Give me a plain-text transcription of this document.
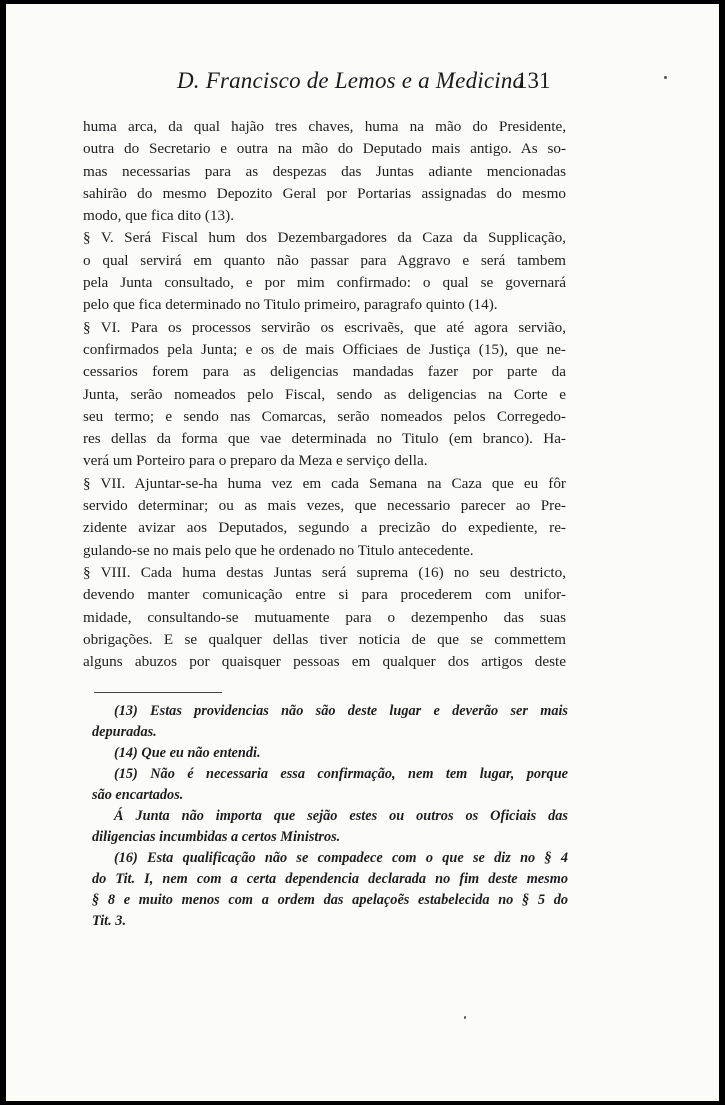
D. Francisco de Lemos e a Medicina
131
huma arca, da qual hajão tres chaves, huma na mão do Presidente,
outra do Secretario e outra na mão do Deputado mais antigo. As so-
mas necessarias para as despezas das Juntas adiante mencionadas
sahirão do mesmo Depozito Geral por Portarias assignadas do mesmo
modo, que fica dito (13).
§ V. Será Fiscal hum dos Dezembargadores da Caza da Supplicação,
o qual servirá em quanto não passar para Aggravo e será tambem
pela Junta consultado, e por mim confirmado: o qual se governará
pelo que fica determinado no Titulo primeiro, paragrafo quinto (14).
§ VI. Para os processos servirão os escrivaẽs, que até agora servião,
confirmados pela Junta; e os de mais Officiaes de Justiça (15), que ne-
cessarios forem para as deligencias mandadas fazer por parte da
Junta, serão nomeados pelo Fiscal, sendo as deligencias na Corte e
seu termo; e sendo nas Comarcas, serão nomeados pelos Corregedo-
res dellas da forma que vae determinada no Titulo (em branco). Ha-
verá um Porteiro para o preparo da Meza e serviço della.
§ VII. Ajuntar-se-ha huma vez em cada Semana na Caza que eu fôr
servido determinar; ou as mais vezes, que necessario parecer ao Pre-
zidente avizar aos Deputados, segundo a precizão do expediente, re-
gulando-se no mais pelo que he ordenado no Titulo antecedente.
§ VIII. Cada huma destas Juntas será suprema (16) no seu destricto,
devendo manter comunicação entre si para procederem com unifor-
midade, consultando-se mutuamente para o dezempenho das suas
obrigações. E se qualquer dellas tiver noticia de que se commettem
alguns abuzos por quaisquer pessoas em qualquer dos artigos deste
(13) Estas providencias não são deste lugar e deverão ser mais
depuradas.
(14) Que eu não entendi.
(15) Não é necessaria essa confirmação, nem tem lugar, porque
são encartados.
Á Junta não importa que sejão estes ou outros os Oficiais das
diligencias incumbidas a certos Ministros.
(16) Esta qualificação não se compadece com o que se diz no § 4
do Tit. I, nem com a certa dependencia declarada no fim deste mesmo
§ 8 e muito menos com a ordem das apelaçoẽs estabelecida no § 5 do
Tit. 3.
